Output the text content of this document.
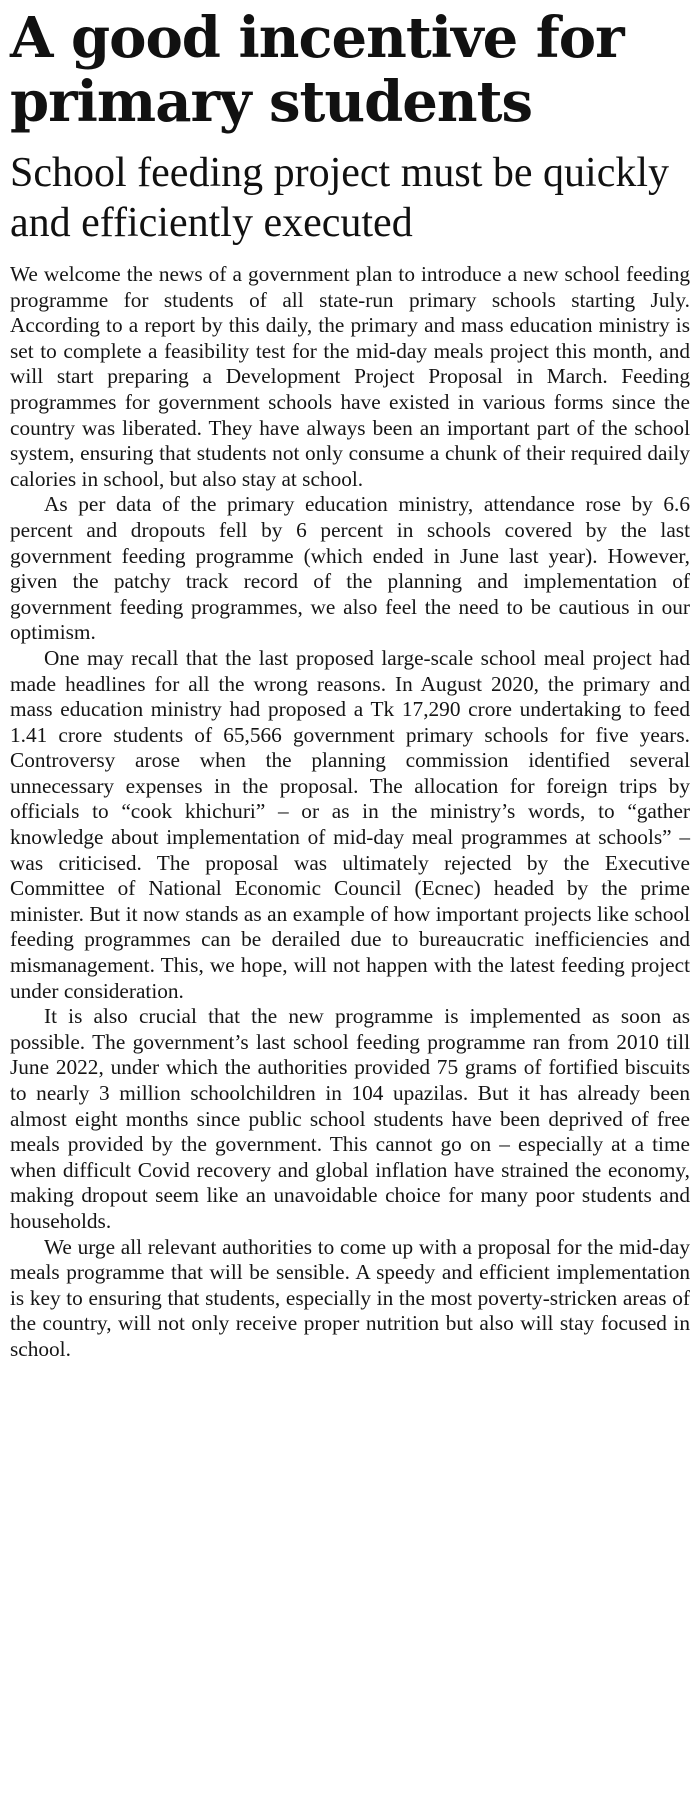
A good incentive for primary students
School feeding project must be quickly and efficiently executed

We welcome the news of a government plan to introduce a new school feeding programme for students of all state-run primary schools starting July. According to a report by this daily, the primary and mass education ministry is set to complete a feasibility test for the mid-day meals project this month, and will start preparing a Development Project Proposal in March. Feeding programmes for government schools have existed in various forms since the country was liberated. They have always been an important part of the school system, ensuring that students not only consume a chunk of their required daily calories in school, but also stay at school.

As per data of the primary education ministry, attendance rose by 6.6 percent and dropouts fell by 6 percent in schools covered by the last government feeding programme (which ended in June last year). However, given the patchy track record of the planning and implementation of government feeding programmes, we also feel the need to be cautious in our optimism.

One may recall that the last proposed large-scale school meal project had made headlines for all the wrong reasons. In August 2020, the primary and mass education ministry had proposed a Tk 17,290 crore undertaking to feed 1.41 crore students of 65,566 government primary schools for five years. Controversy arose when the planning commission identified several unnecessary expenses in the proposal. The allocation for foreign trips by officials to “cook khichuri” – or as in the ministry’s words, to “gather knowledge about implementation of mid-day meal programmes at schools” – was criticised. The proposal was ultimately rejected by the Executive Committee of National Economic Council (Ecnec) headed by the prime minister. But it now stands as an example of how important projects like school feeding programmes can be derailed due to bureaucratic inefficiencies and mismanagement. This, we hope, will not happen with the latest feeding project under consideration.

It is also crucial that the new programme is implemented as soon as possible. The government’s last school feeding programme ran from 2010 till June 2022, under which the authorities provided 75 grams of fortified biscuits to nearly 3 million schoolchildren in 104 upazilas. But it has already been almost eight months since public school students have been deprived of free meals provided by the government. This cannot go on – especially at a time when difficult Covid recovery and global inflation have strained the economy, making dropout seem like an unavoidable choice for many poor students and households.

We urge all relevant authorities to come up with a proposal for the mid-day meals programme that will be sensible. A speedy and efficient implementation is key to ensuring that students, especially in the most poverty-stricken areas of the country, will not only receive proper nutrition but also will stay focused in school.
